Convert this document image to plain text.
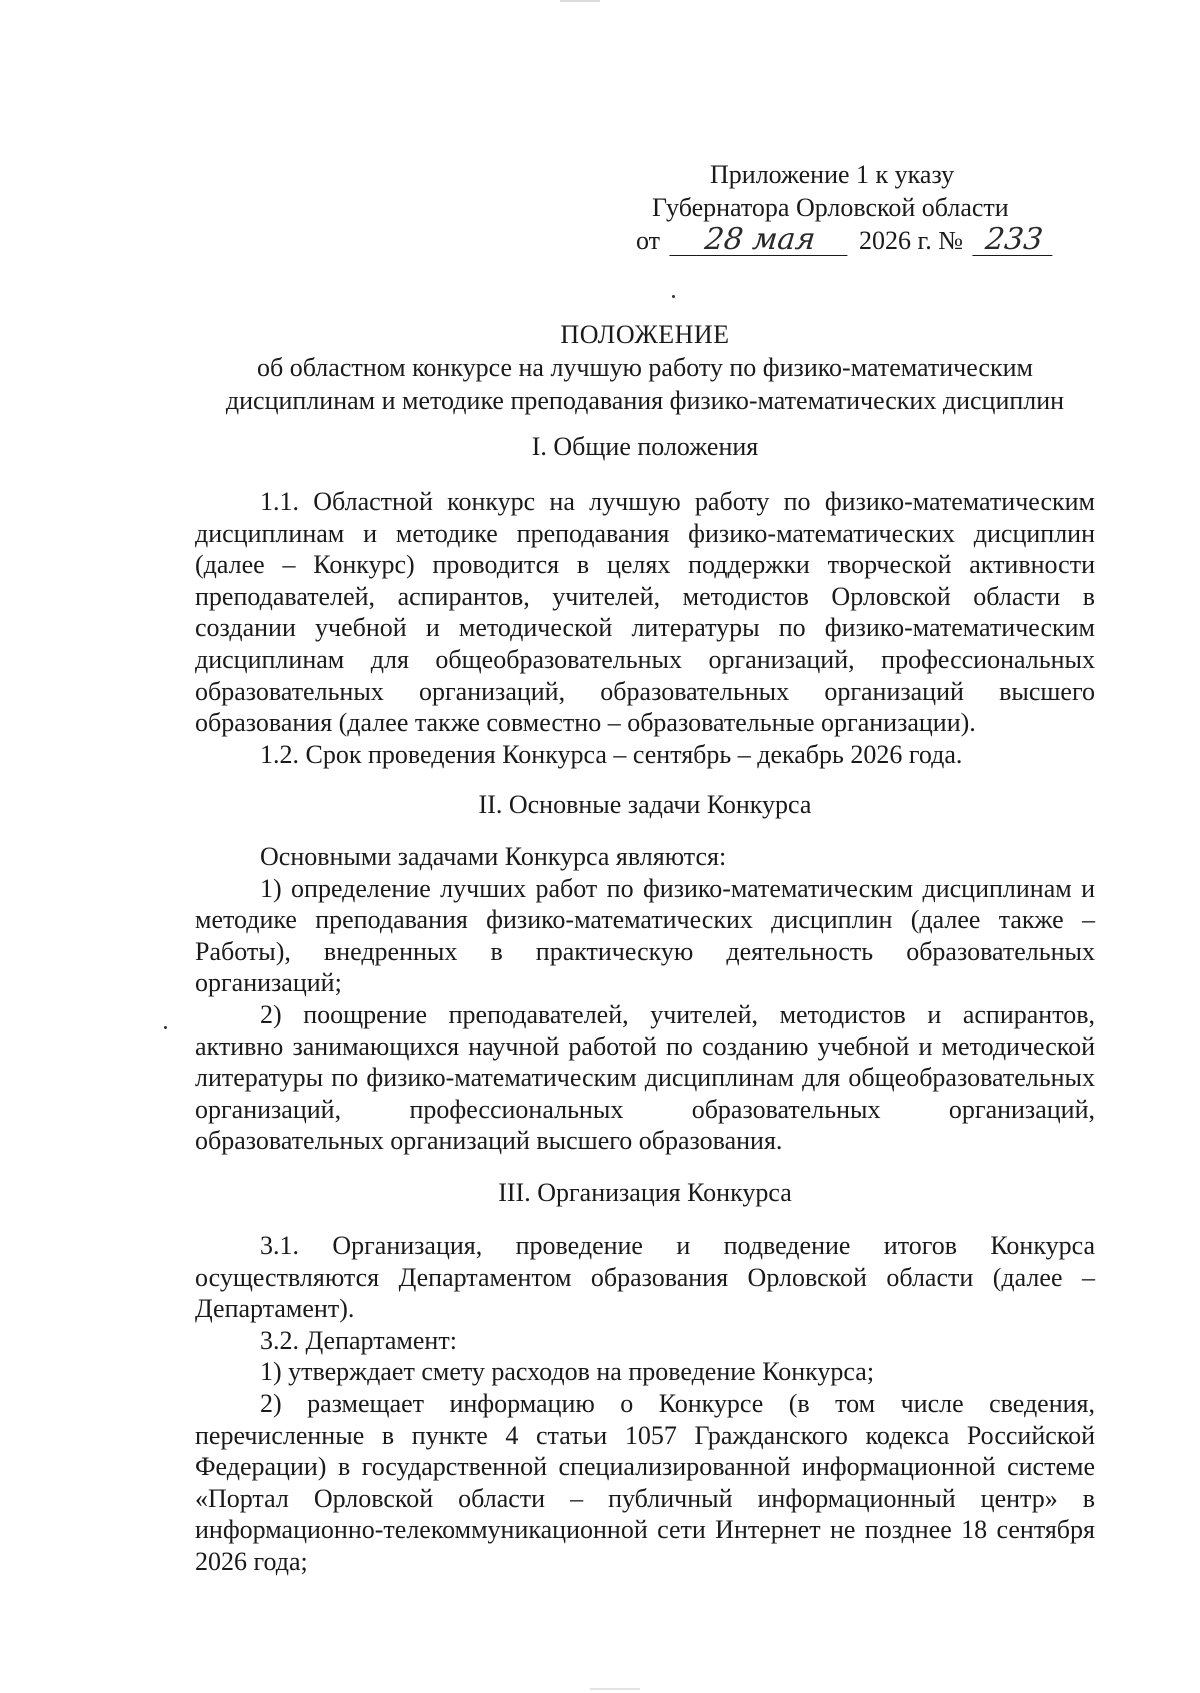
Приложение 1 к указу
Губернатора Орловской области
от 28 мая 2026 г. № 233
ПОЛОЖЕНИЕ
об областном конкурсе на лучшую работу по физико-математическим
дисциплинам и методике преподавания физико-математических дисциплин
I. Общие положения

1.1. Областной конкурс на лучшую работу по физико-математическим дисциплинам и методике преподавания физико-математических дисциплин (далее – Конкурс) проводится в целях поддержки творческой активности преподавателей, аспирантов, учителей, методистов Орловской области в создании учебной и методической литературы по физико-математическим дисциплинам для общеобразовательных организаций, профессиональных образовательных организаций, образовательных организаций высшего образования (далее также совместно – образовательные организации).

1.2. Срок проведения Конкурса – сентябрь – декабрь 2026 года.

II. Основные задачи Конкурса

Основными задачами Конкурса являются:

1) определение лучших работ по физико-математическим дисциплинам и методике преподавания физико-математических дисциплин (далее также – Работы), внедренных в практическую деятельность образовательных организаций;

2) поощрение преподавателей, учителей, методистов и аспирантов, активно занимающихся научной работой по созданию учебной и методической литературы по физико-математическим дисциплинам для общеобразовательных организаций, профессиональных образовательных организаций, образовательных организаций высшего образования.

III. Организация Конкурса

3.1. Организация, проведение и подведение итогов Конкурса осуществляются Департаментом образования Орловской области (далее – Департамент).

3.2. Департамент:

1) утверждает смету расходов на проведение Конкурса;

2) размещает информацию о Конкурсе (в том числе сведения, перечисленные в пункте 4 статьи 1057 Гражданского кодекса Российской Федерации) в государственной специализированной информационной системе «Портал Орловской области – публичный информационный центр» в информационно-телекоммуникационной сети Интернет не позднее 18 сентября 2026 года;
